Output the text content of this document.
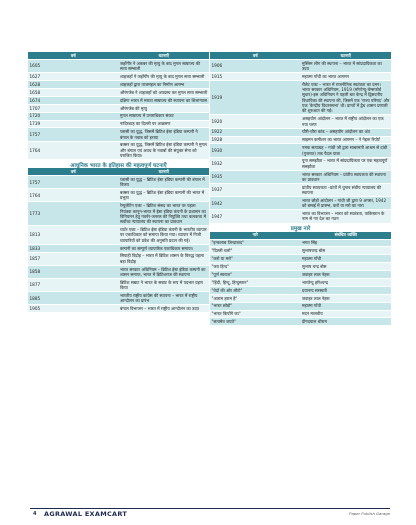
वर्ष	घटनाएँ
1605	जहाँगीर ने अकबर की मृत्यु के बाद मुगल साम्राज्य की सत्ता सम्भाली
1627	शाहजहाँ ने जहाँगीर की मृत्यु के बाद मुगल सत्ता सम्भाली
1628	शाहजहाँ द्वारा ताजमहल का निर्माण आरम्भ
1658	औरंगजेब ने शाहजहाँ को अपदस्थ कर मुगल सत्ता सम्भाली
1674	दक्षिण भारत में मराठा साम्राज्य की स्थापना का शिलान्यास
1707	औरंगजेब की मृत्यु
1720	मुगल साम्राज्य में उत्तराधिकार संकट
1739	नादिरशाह का दिल्ली पर आक्रमण
1757	प्लासी का युद्ध, जिसमें ब्रिटिश ईस्ट इंडिया कम्पनी ने बंगाल के नवाब को हराया
1764	बक्सर का युद्ध, जिसमें ब्रिटिश ईस्ट इंडिया कम्पनी ने मुगल और बंगाल एवं अवध के नवाबों की संयुक्त सेना को पराजित किया।
आधुनिक भारत के इतिहास की महत्वपूर्ण घटनाएँ
वर्ष	घटनाएँ
1757	प्लासी का युद्ध – ब्रिटिश ईस्ट इंडिया कम्पनी की बंगाल में विजय
1764	बक्सर का युद्ध – ब्रिटिश ईस्ट इंडिया कम्पनी की भारत में प्रभुत्व
1773	रेग्युलेटिंग एक्ट – ब्रिटिश संसद का भारत पर पहला नियंत्रक कानून-भारत में ईस्ट इंडिया कंपनी के प्रशासन का विनियमन हेतु गवर्नर-जनरल की नियुक्ति तथा कलकत्ता में सर्वोच्च न्यायालय की स्थापना का प्रावधान
1813	चार्टर एक्ट – ब्रिटिश ईस्ट इंडिया कंपनी के भारतीय व्यापार पर एकाधिकार को समाप्त किया गया। व्यापार में निजी व्यापारियों को प्रवेश की अनुमति प्रदान की गई।
1833	कम्पनी का सम्पूर्ण व्यापारिक एकाधिकार समाप्त।
1857	सिपाही विद्रोह – भारत में ब्रिटिश शासन के विरुद्ध पहला बड़ा विद्रोह
1858	भारत सरकार अधिनियम – ब्रिटिश ईस्ट इंडिया कम्पनी का शासन समाप्त, भारत में ब्रिटिशराज की स्थापना
1877	ब्रिटिश सम्राट ने भारत के सम्राट के रूप में पदभार ग्रहण किया
1885	भारतीय राष्ट्रीय कांग्रेस की स्थापना – भारत में राष्ट्रीय आन्दोलन का प्रारंभ
1905	बंगाल विभाजन – भारत में राष्ट्रीय आन्दोलन का उदय
वर्ष	घटनाएँ
1906	मुस्लिम लीग की स्थापना – भारत में सांप्रदायिकता का उदय
1915	महात्मा गाँधी का भारत आगमन
1919	रौलेट एक्ट – भारत में राजनीतिक स्वतंत्रता का दमन। भारत सरकार अधिनियम, 1919 (मॉण्टेग्यू-चेम्सफोर्ड सुधार)-इस अधिनियम ने पहली बार केन्द्र में द्विसदनीय विधायिका की स्थापना की, जिसमें एक 'राज्य परिषद' और एक 'केन्द्रीय विधानसभा' थी। प्रान्तों में द्वैध शासन प्रणाली की शुरुआत की गई।
1920	असहयोग आंदोलन – भारत में राष्ट्रीय आंदोलन का एक नया चरण
1922	चौरी-चौरा कांड – असहयोग आंदोलन का अंत
1928	साइमन कमीशन का भारत आगमन – ने नेहरू रिपोर्ट
1930	नमक सत्याग्रह – गांधी जी द्वारा साबरमती आश्रम से दांडी (गुजरात) तक पैदल यात्रा
1932	पूना समझौता – भारत में सांप्रदायिकता पर एक महत्वपूर्ण समझौता
1935	भारत सरकार अधिनियम – प्रांतीय स्वायत्तता की स्थापना का प्रावधान
1937	प्रांतीय स्वायत्तता –प्रांतों में चुनाव संघीय न्यायालय की स्थापना
1942	भारत छोड़ो आंदोलन – गांधी जी द्वारा 9 अगस्त, 1942 को बम्बई में प्रारम्भ, करो या मरो का नारा
1947	भारत का विभाजन – भारत को स्वतंत्रता, पाकिस्तान के नाम से नए देश का गठन
प्रमुख नारे
नारे	संबंधित व्यक्ति
"इन्कलाब जिन्दाबाद"	भगत सिंह
"दिल्ली चलो"	सुभाषचन्द्र बोस
"करो या मरो"	महात्मा गाँधी
"जय हिन्द"	सुभाष चन्द्र बोस
"पूर्ण स्वराज"	जवाहर लाल नेहरू
"हिंदी, हिन्दू, हिन्दुस्तान"	भारतेन्दु हरिश्चन्द्र
"वेदों की ओर लौटो"	दयानन्द सरस्वती
"आराम हराम है"	जवाहर लाल नेहरू
"भारत छोड़ो"	महात्मा गाँधी
"भारत कियोंगे का"	मदन मालवीय
"सत्यमेव जयते"	दीनदयाल श्रीराम
4 AGRAWAL EXAMCART	Paper Publish Garage
